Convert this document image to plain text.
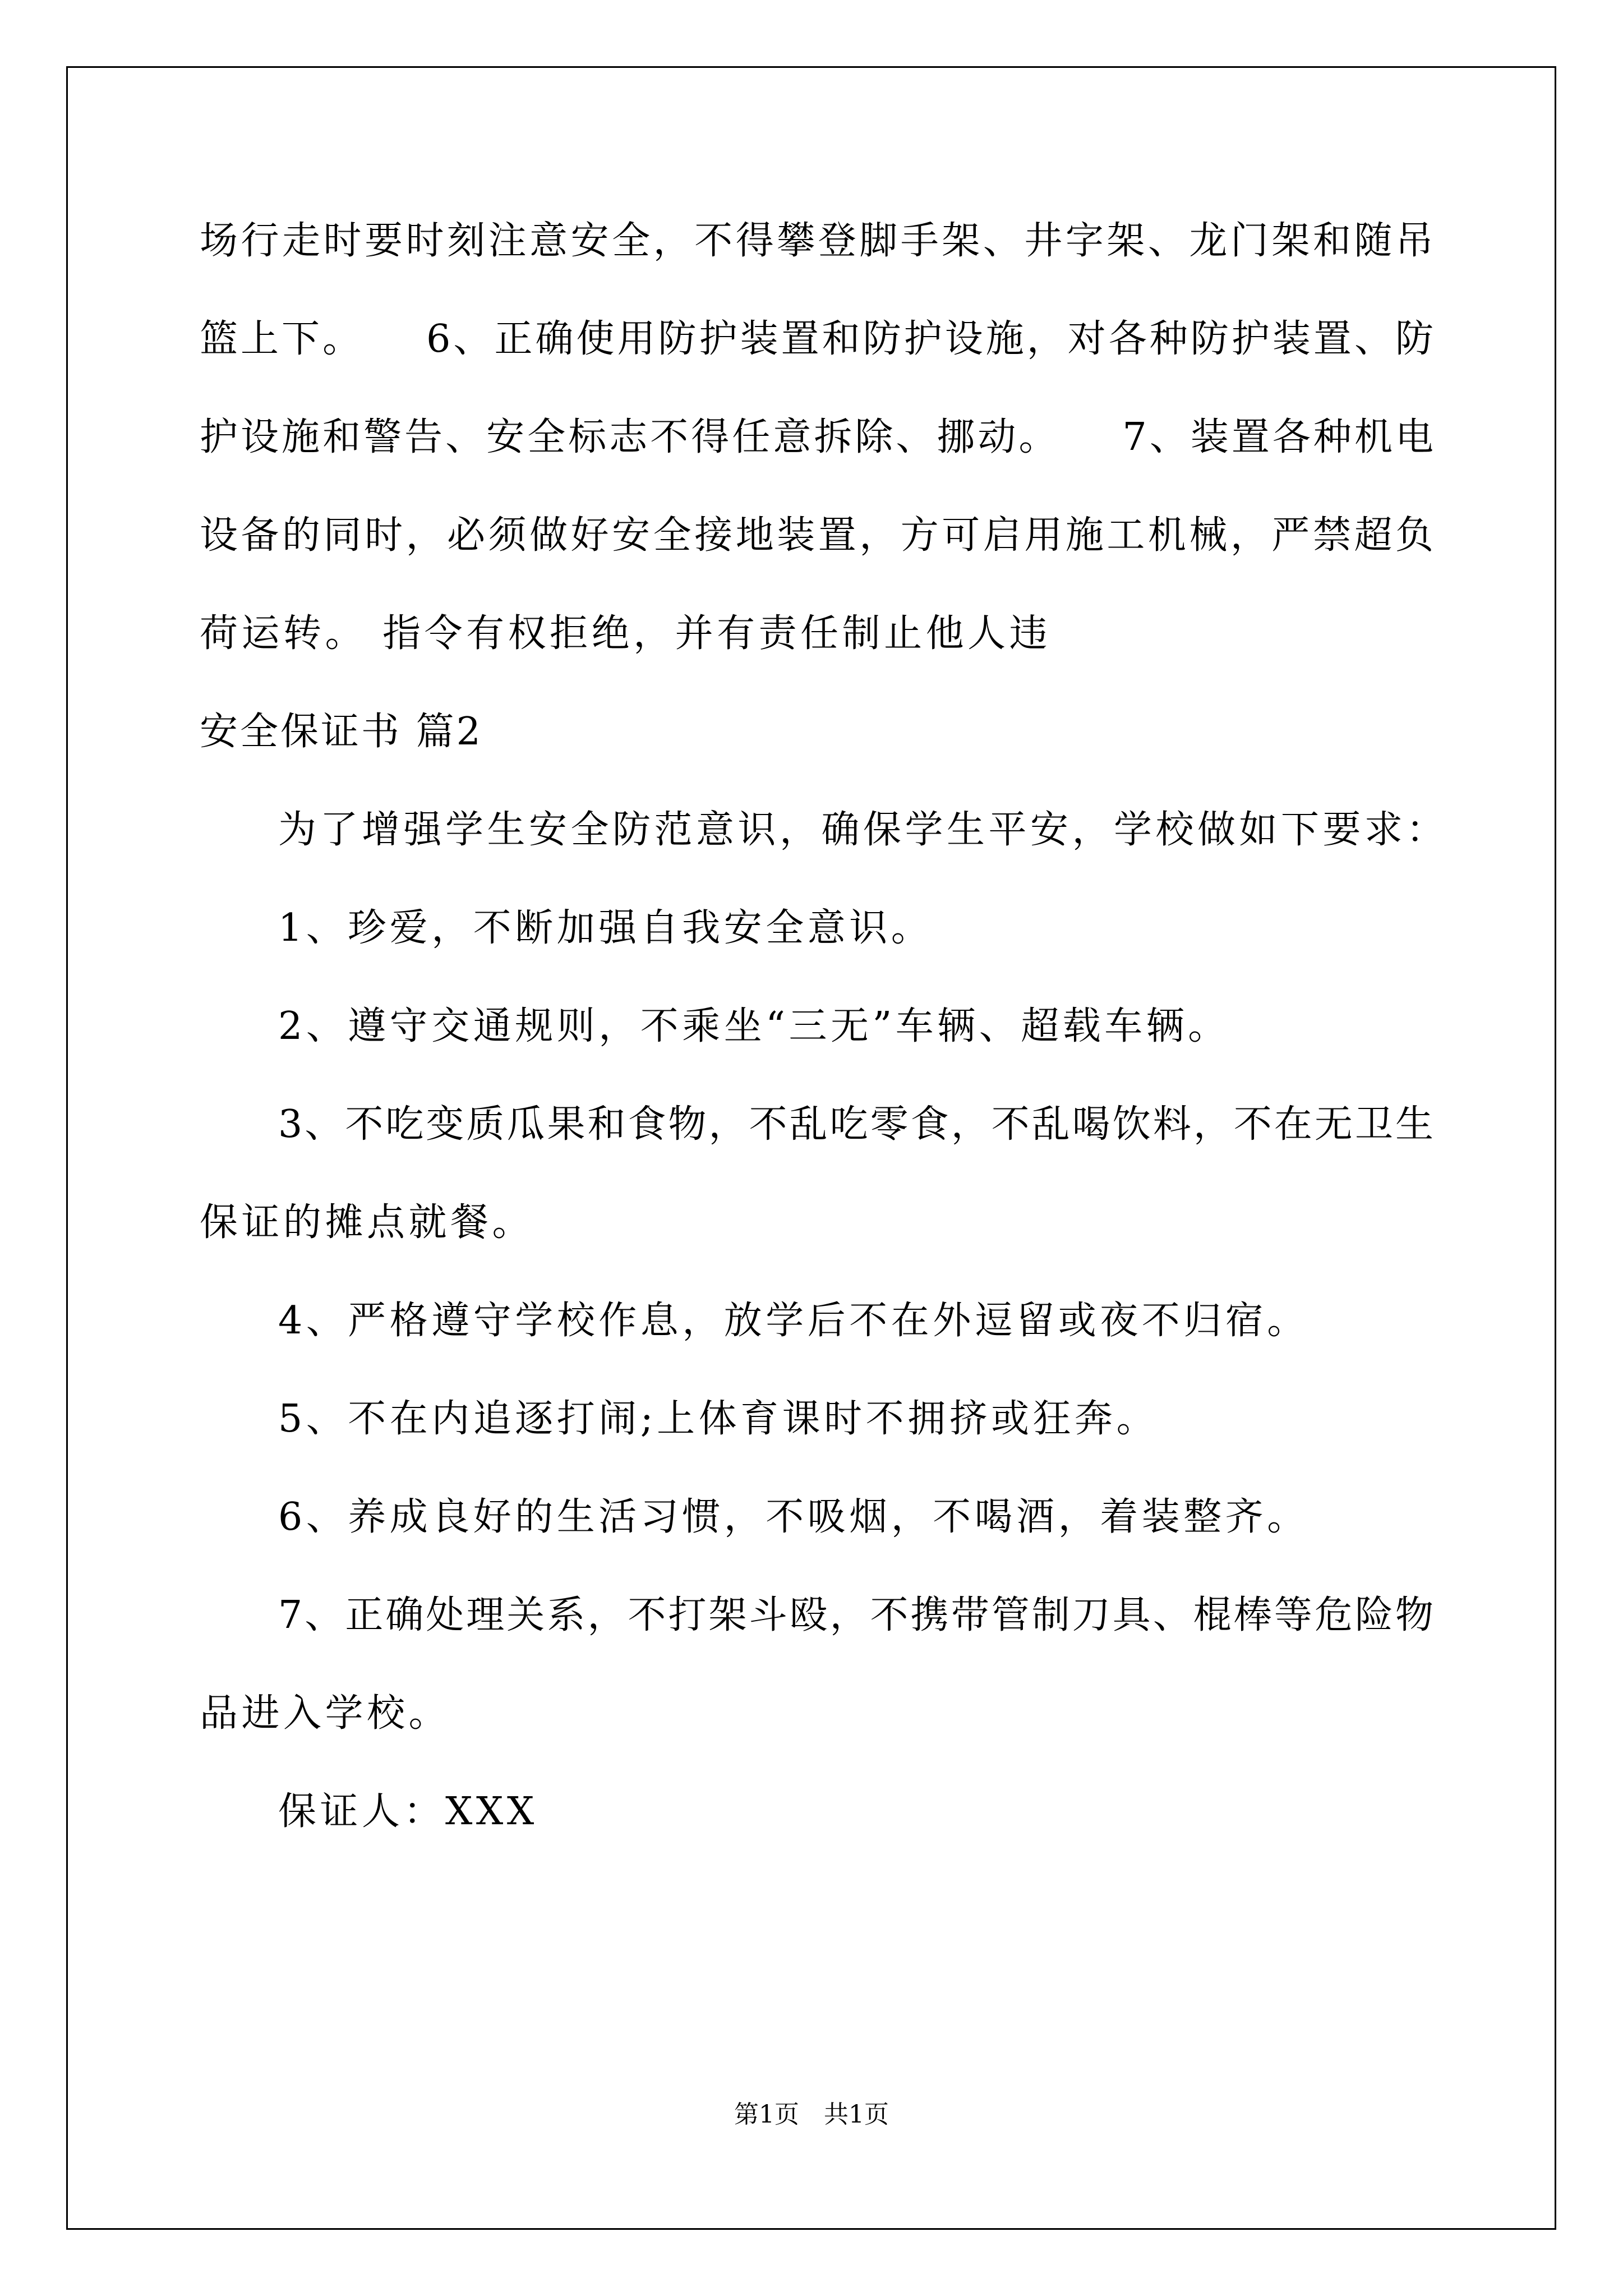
场行走时要时刻注意安全，不得攀登脚手架、井字架、龙门架和随吊
篮上下。　　6、正确使用防护装置和防护设施，对各种防护装置、防
护设施和警告、安全标志不得任意拆除、挪动。　　7、装置各种机电
设备的同时，必须做好安全接地装置，方可启用施工机械，严禁超负
荷运转。 指令有权拒绝，并有责任制止他人违
安全保证书 篇2
为了增强学生安全防范意识，确保学生平安，学校做如下要求：
1、珍爱，不断加强自我安全意识。
2、遵守交通规则，不乘坐“三无”车辆、超载车辆。
3、不吃变质瓜果和食物，不乱吃零食，不乱喝饮料，不在无卫生
保证的摊点就餐。
4、严格遵守学校作息，放学后不在外逗留或夜不归宿。
5、不在内追逐打闹;上体育课时不拥挤或狂奔。
6、养成良好的生活习惯，不吸烟，不喝酒，着装整齐。
7、正确处理关系，不打架斗殴，不携带管制刀具、棍棒等危险物
品进入学校。
保证人：XXX
第1页　共1页
